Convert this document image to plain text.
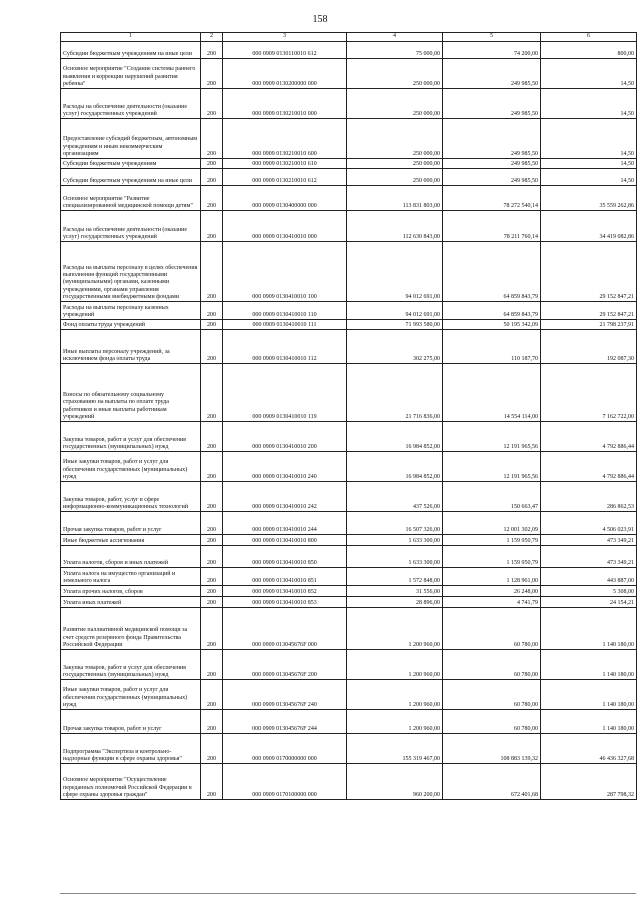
158
1	2	3	4	5	6
Субсидии бюджетным учреждениям на иные цели	200	000 0909 0130110010 612	75 000,00	74 200,00	800,00
Основное мероприятие "Создание системы раннего выявления и коррекции нарушений развития ребенка"	200	000 0909 0130200000 000	250 000,00	249 985,50	14,50
Расходы на обеспечение деятельности (оказание услуг) государственных учреждений	200	000 0909 0130210010 000	250 000,00	249 985,50	14,50
Предоставление субсидий бюджетным, автономным учреждениям и иным некоммерческим организациям	200	000 0909 0130210010 600	250 000,00	249 985,50	14,50
Субсидии бюджетным учреждениям	200	000 0909 0130210010 610	250 000,00	249 985,50	14,50
Субсидии бюджетным учреждениям на иные цели	200	000 0909 0130210010 612	250 000,00	249 985,50	14,50
Основное мероприятие "Развитие специализированной медицинской помощи детям"	200	000 0909 0130400000 000	113 831 803,00	78 272 540,14	35 559 262,86
Расходы на обеспечение деятельности (оказание услуг) государственных учреждений	200	000 0909 0130410010 000	112 630 843,00	78 211 760,14	34 419 082,86
Расходы на выплаты персоналу в целях обеспечения выполнения функций государственными (муниципальными) органами, казенными учреждениями, органами управления государственными внебюджетными фондами	200	000 0909 0130410010 100	94 012 691,00	64 859 843,79	29 152 847,21
Расходы на выплаты персоналу казенных учреждений	200	000 0909 0130410010 110	94 012 691,00	64 859 843,79	29 152 847,21
Фонд оплаты труда учреждений	200	000 0909 0130410010 111	71 993 580,00	50 195 342,09	21 798 237,91
Иные выплаты персоналу учреждений, за исключением фонда оплаты труда	200	000 0909 0130410010 112	302 275,00	110 187,70	192 087,30
Взносы по обязательному социальному страхованию на выплаты по оплате труда работников и иные выплаты работникам учреждений	200	000 0909 0130410010 119	21 716 836,00	14 554 114,00	7 162 722,00
Закупка товаров, работ и услуг для обеспечения государственных (муниципальных) нужд	200	000 0909 0130410010 200	16 984 852,00	12 191 965,56	4 792 886,44
Иные закупки товаров, работ и услуг для обеспечения государственных (муниципальных) нужд	200	000 0909 0130410010 240	16 984 852,00	12 191 965,56	4 792 886,44
Закупка товаров, работ, услуг в сфере информационно-коммуникационных технологий	200	000 0909 0130410010 242	437 526,00	150 663,47	286 862,53
Прочая закупка товаров, работ и услуг	200	000 0909 0130410010 244	16 507 326,00	12 001 302,09	4 506 023,91
Иные бюджетные ассигнования	200	000 0909 0130410010 800	1 633 300,00	1 159 950,79	473 349,21
Уплата налогов, сборов и иных платежей	200	000 0909 0130410010 850	1 633 300,00	1 159 950,79	473 349,21
Уплата налога на имущество организаций и земельного налога	200	000 0909 0130410010 851	1 572 848,00	1 128 961,00	443 887,00
Уплата прочих налогов, сборов	200	000 0909 0130410010 852	31 556,00	26 248,00	5 308,00
Уплата иных платежей	200	000 0909 0130410010 853	28 896,00	4 741,79	24 154,21
Развитие паллиативной медицинской помощи за счет средств резервного фонда Правительства Российской Федерации	200	000 0909 013045676F 000	1 200 960,00	60 780,00	1 140 180,00
Закупка товаров, работ и услуг для обеспечения государственных (муниципальных) нужд	200	000 0909 013045676F 200	1 200 960,00	60 780,00	1 140 180,00
Иные закупки товаров, работ и услуг для обеспечения государственных (муниципальных) нужд	200	000 0909 013045676F 240	1 200 960,00	60 780,00	1 140 180,00
Прочая закупка товаров, работ и услуг	200	000 0909 013045676F 244	1 200 960,00	60 780,00	1 140 180,00
Подпрограмма "Экспертиза и контрольно-надзорные функции в сфере охраны здоровья"	200	000 0909 0170000000 000	155 319 467,00	108 883 139,32	46 436 327,68
Основное мероприятие "Осуществление переданных полномочий Российской Федерации в сфере охраны здоровья граждан"	200	000 0909 0170100000 000	960 200,00	672 401,68	287 798,32
